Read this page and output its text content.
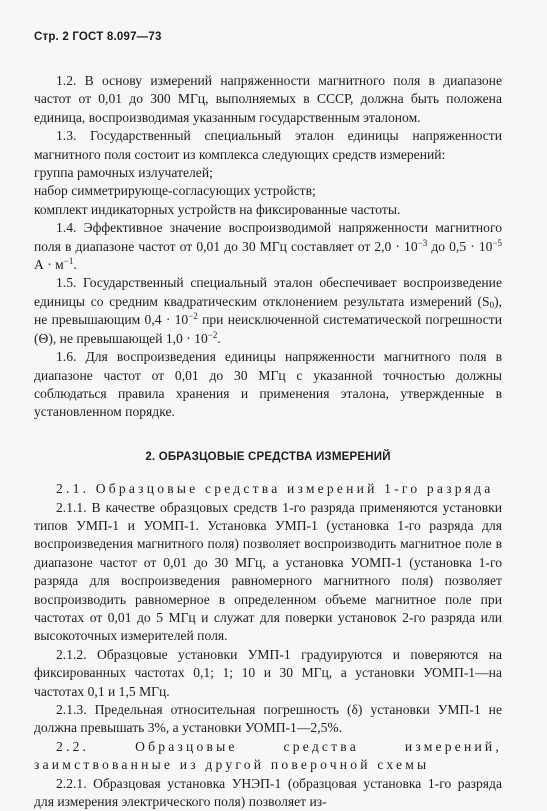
Стр. 2 ГОСТ 8.097—73

1.2. В основу измерений напряженности магнитного поля в диапазоне частот от 0,01 до 300 МГц, выполняемых в СССР, должна быть положена единица, воспроизводимая указанным государственным эталоном.

1.3. Государственный специальный эталон единицы напряженности магнитного поля состоит из комплекса следующих средств измерений:

группа рамочных излучателей;

набор симметрирующе-согласующих устройств;

комплект индикаторных устройств на фиксированные частоты.

1.4. Эффективное значение воспроизводимой напряженности магнитного поля в диапазоне частот от 0,01 до 30 МГц составляет от $2,0 \cdot 10^{-3}$ до $0,5 \cdot 10^{-5}$ $А \cdot м^{-1}$.

1.5. Государственный специальный эталон обеспечивает воспроизведение единицы со средним квадратическим отклонением результата измерений $(S_0)$, не превышающим $0,4 \cdot 10^{-2}$ при неисключенной систематической погрешности (Θ), не превышающей $1,0 \cdot 10^{-2}$.

1.6. Для воспроизведения единицы напряженности магнитного поля в диапазоне частот от 0,01 до 30 МГц с указанной точностью должны соблюдаться правила хранения и применения эталона, утвержденные в установленном порядке.

2. ОБРАЗЦОВЫЕ СРЕДСТВА ИЗМЕРЕНИЙ

2.1. Образцовые средства измерений 1-го разряда

2.1.1. В качестве образцовых средств 1-го разряда применяются установки типов УМП-1 и УОМП-1. Установка УМП-1 (установка 1-го разряда для воспроизведения магнитного поля) позволяет воспроизводить магнитное поле в диапазоне частот от 0,01 до 30 МГц, а установка УОМП-1 (установка 1-го разряда для воспроизведения равномерного магнитного поля) позволяет воспроизводить равномерное в определенном объеме магнитное поле при частотах от 0,01 до 5 МГц и служат для поверки установок 2-го разряда или высокоточных измерителей поля.

2.1.2. Образцовые установки УМП-1 градуируются и поверяются на фиксированных частотах 0,1; 1; 10 и 30 МГц, а установки УОМП-1—на частотах 0,1 и 1,5 МГц.

2.1.3. Предельная относительная погрешность (δ) установки УМП-1 не должна превышать 3%, а установки УОМП-1—2,5%.

2.2. Образцовые средства измерений, заимствованные из другой поверочной схемы

2.2.1. Образцовая установка УНЭП-1 (образцовая установка 1-го разряда для измерения электрического поля) позволяет из-
